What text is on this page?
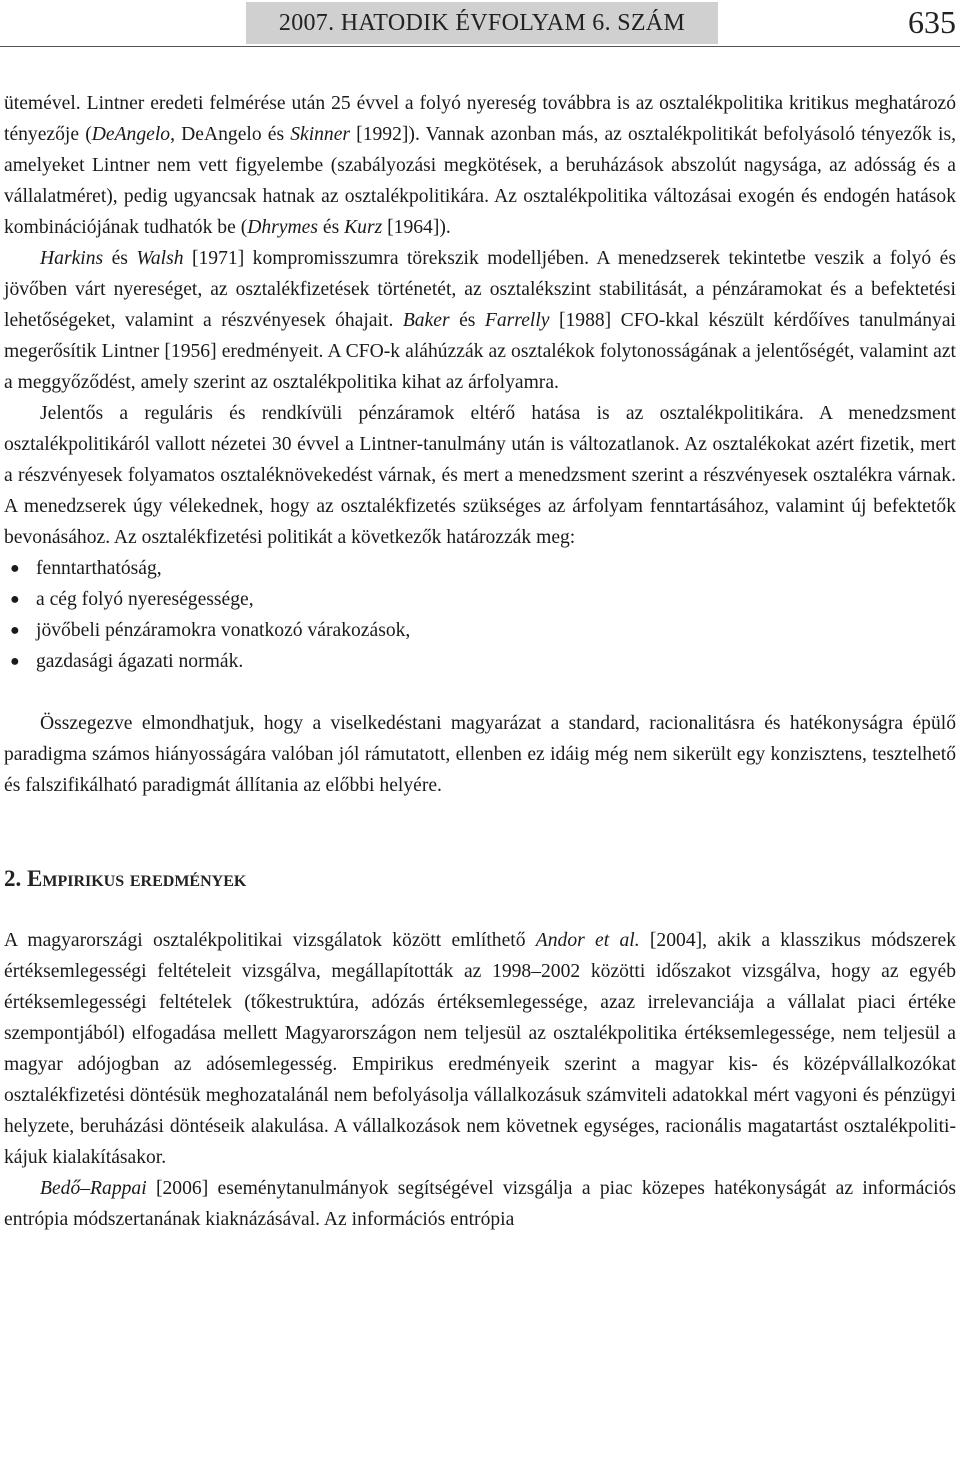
2007. HATODIK ÉVFOLYAM 6. SZÁM	635

ütemével. Lintner eredeti felmérése után 25 évvel a folyó nyereség továbbra is az osztalékpolitika kritikus meghatározó tényezője (DeAngelo, DeAngelo és Skinner [1992]). Vannak azonban más, az osztalékpolitikát befolyásoló tényezők is, amelyeket Lintner nem vett figyelembe (szabályozási megkötések, a beruházások abszolút nagysága, az adósság és a vállalatméret), pedig ugyancsak hatnak az osztalékpolitikára. Az osztalékpolitika változásai exogén és endogén hatások kombinációjának tudhatók be (Dhrymes és Kurz [1964]).

Harkins és Walsh [1971] kompromisszumra törekszik modelljében. A menedzserek tekintetbe veszik a folyó és jövőben várt nyereséget, az osztalékfizetések történetét, az osztalékszint stabilitását, a pénzáramokat és a befektetési lehetőségeket, valamint a részvényesek óhajait. Baker és Farrelly [1988] CFO-kkal készült kérdőíves tanulmányai megerősítik Lintner [1956] eredményeit. A CFO-k aláhúzzák az osztalékok folytonosságának a jelentőségét, valamint azt a meggyőződést, amely szerint az osztalékpolitika kihat az árfolyamra.

Jelentős a reguláris és rendkívüli pénzáramok eltérő hatása is az osztalékpolitikára. A menedzsment osztalékpolitikáról vallott nézetei 30 évvel a Lintner-tanulmány után is változatlanok. Az osztalékokat azért fizetik, mert a részvényesek folyamatos osztaléknövekedést várnak, és mert a menedzsment szerint a részvényesek osztalékra várnak. A menedzserek úgy vélekednek, hogy az osztalékfizetés szükséges az árfolyam fenntartásához, valamint új befektetők bevonásához. Az osztalékfizetési politikát a következők határozzák meg:

● fenntarthatóság,
● a cég folyó nyereségessége,
● jövőbeli pénzáramokra vonatkozó várakozások,
● gazdasági ágazati normák.

Összegezve elmondhatjuk, hogy a viselkedéstani magyarázat a standard, racionalitásra és hatékonyságra épülő paradigma számos hiányosságára valóban jól rámutatott, ellenben ez idáig még nem sikerült egy konzisztens, tesztelhető és falszifikálható paradigmát állítania az előbbi helyére.

2. Empirikus eredmények

A magyarországi osztalékpolitikai vizsgálatok között említhető Andor et al. [2004], akik a klasszikus módszerek értéksemlegességi feltételeit vizsgálva, megállapították az 1998–2002 közötti időszakot vizsgálva, hogy az egyéb értéksemlegességi feltételek (tőkestruktúra, adózás értéksemlegessége, azaz irrelevanciája a vállalat piaci értéke szempontjából) elfogadása mellett Magyarországon nem teljesül az osztalékpolitika értéksemlegessége, nem teljesül a magyar adójogban az adósemlegesség. Empirikus eredményeik szerint a magyar kis- és középvállalkozókat osztalékfizetési döntésük meghozatalánál nem befolyásolja vállalkozásuk számviteli adatokkal mért vagyoni és pénzügyi helyzete, beruházási döntéseik alakulása. A vállalkozások nem követnek egységes, racionális magatartást osztalékpolitikájuk kialakításakor.

Bedő–Rappai [2006] eseménytanulmányok segítségével vizsgálja a piac közepes hatékonyságát az információs entrópia módszertanának kiaknázásával. Az információs entrópia
